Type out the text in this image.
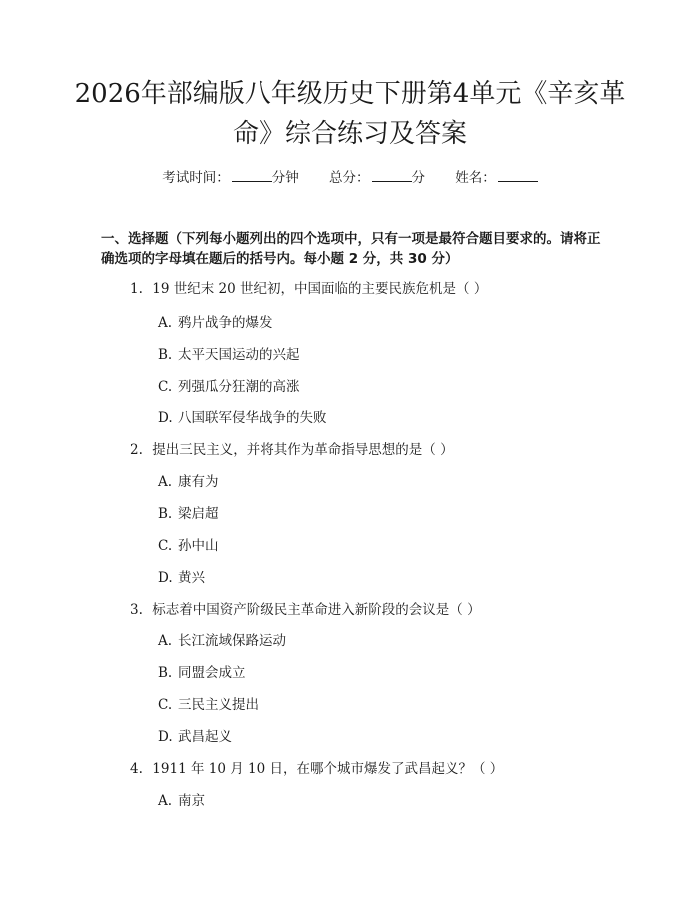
2026年部编版八年级历史下册第4单元《辛亥革命》综合练习及答案
考试时间：	分钟 总分：	分 姓名：
一、选择题（下列每小题列出的四个选项中，只有一项是最符合题目要求的。请将正确选项的字母填在题后的括号内。每小题 2 分，共 30 分）
1. 19 世纪末 20 世纪初，中国面临的主要民族危机是（ ）
A. 鸦片战争的爆发
B. 太平天国运动的兴起
C. 列强瓜分狂潮的高涨
D. 八国联军侵华战争的失败
2. 提出三民主义，并将其作为革命指导思想的是（ ）
A. 康有为
B. 梁启超
C. 孙中山
D. 黄兴
3. 标志着中国资产阶级民主革命进入新阶段的会议是（ ）
A. 长江流域保路运动
B. 同盟会成立
C. 三民主义提出
D. 武昌起义
4. 1911 年 10 月 10 日，在哪个城市爆发了武昌起义？（ ）
A. 南京
